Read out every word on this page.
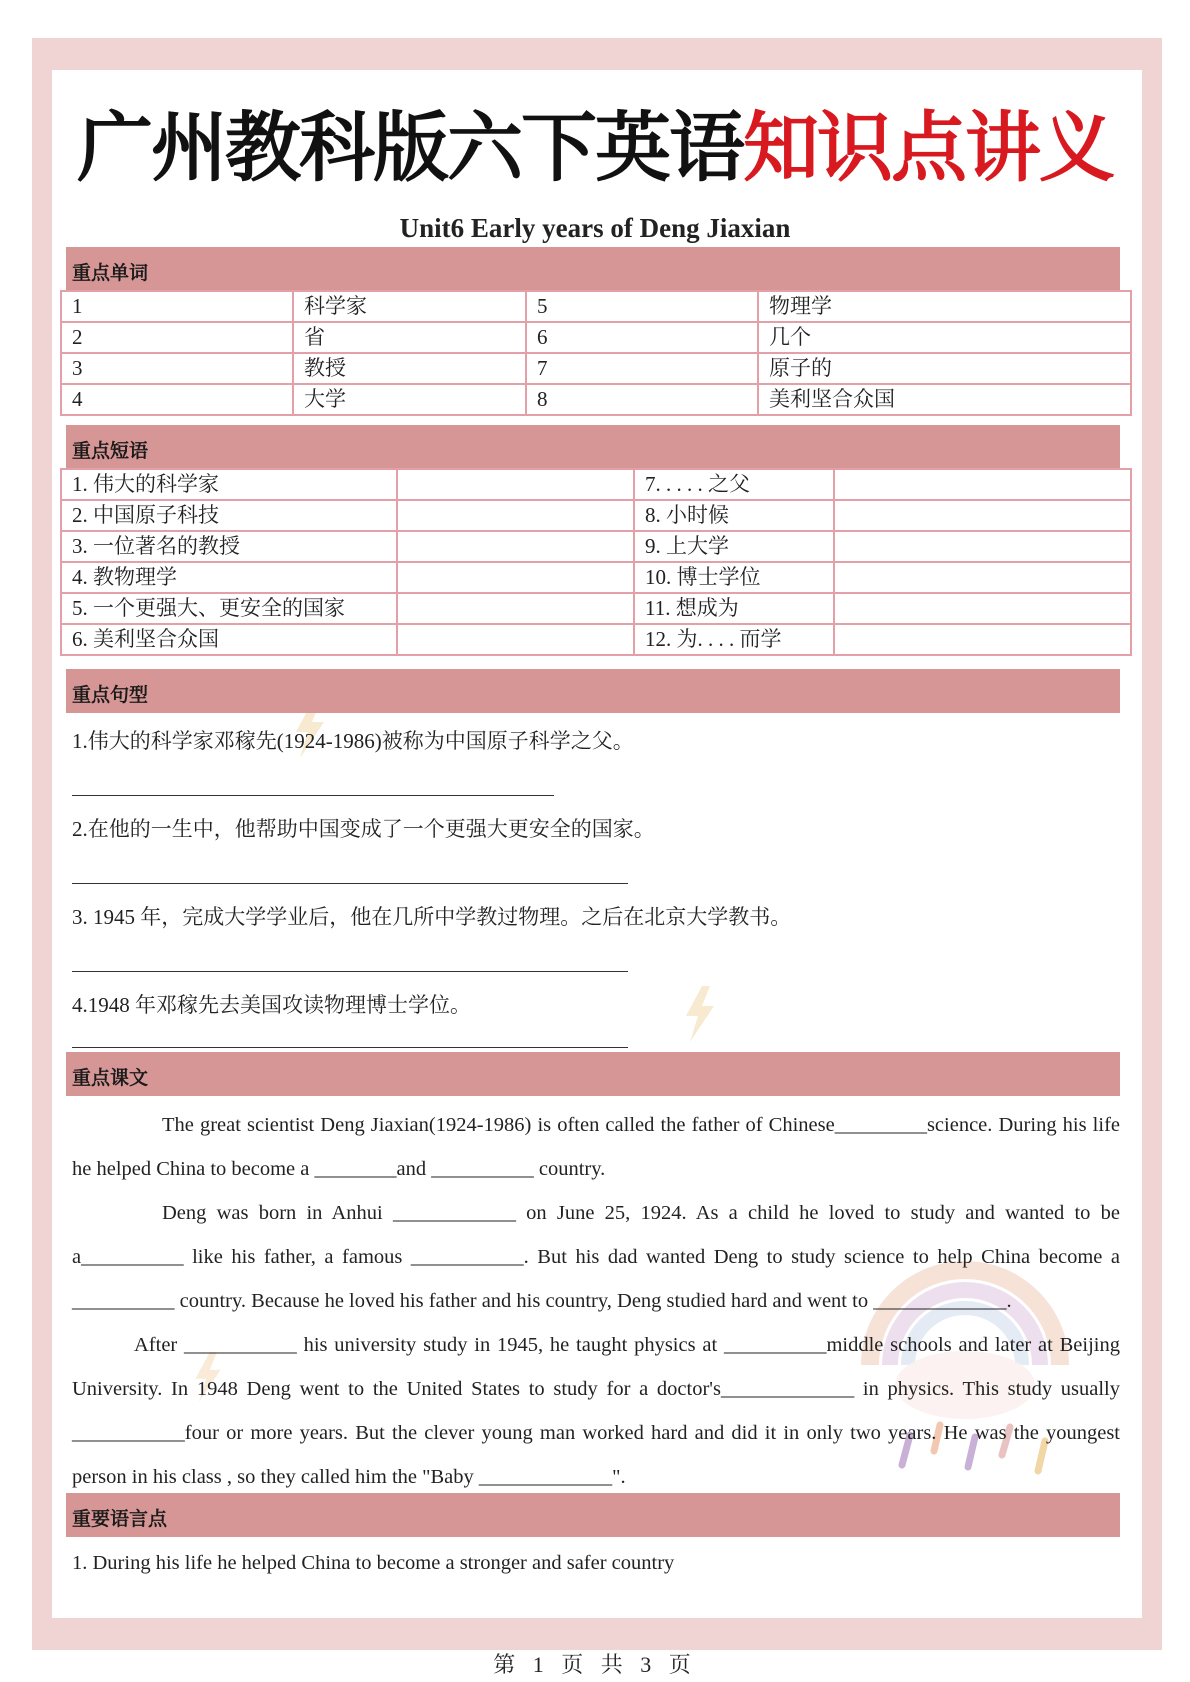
广州教科版六下英语知识点讲义
Unit6 Early years of Deng Jiaxian
重点单词
1	科学家	5	物理学
2	省	6	几个
3	教授	7	原子的
4	大学	8	美利坚合众国
重点短语
1. 伟大的科学家		7. . . . . 之父	
2. 中国原子科技		8. 小时候	
3. 一位著名的教授		9. 上大学	
4. 教物理学		10. 博士学位	
5. 一个更强大、更安全的国家		11. 想成为	
6. 美利坚合众国		12. 为. . . . 而学	
重点句型
1.伟大的科学家邓稼先(1924-1986)被称为中国原子科学之父。
2.在他的一生中，他帮助中国变成了一个更强大更安全的国家。
3. 1945 年，完成大学学业后，他在几所中学教过物理。之后在北京大学教书。
4.1948 年邓稼先去美国攻读物理博士学位。
重点课文

The great scientist Deng Jiaxian(1924-1986) is often called the father of Chinese_________science. During his life he helped China to become a ________and __________ country.

Deng was born in Anhui ____________ on June 25, 1924. As a child he loved to study and wanted to be a__________ like his father, a famous ___________. But his dad wanted Deng to study science to help China become a __________ country. Because he loved his father and his country, Deng studied hard and went to _____________.

After ___________ his university study in 1945, he taught physics at __________middle schools and later at Beijing University. In 1948 Deng went to the United States to study for a doctor's_____________ in physics. This study usually ___________four or more years. But the clever young man worked hard and did it in only two years. He was the youngest person in his class , so they called him the "Baby _____________".

重要语言点
1. During his life he helped China to become a stronger and safer country
第 1 页 共 3 页
